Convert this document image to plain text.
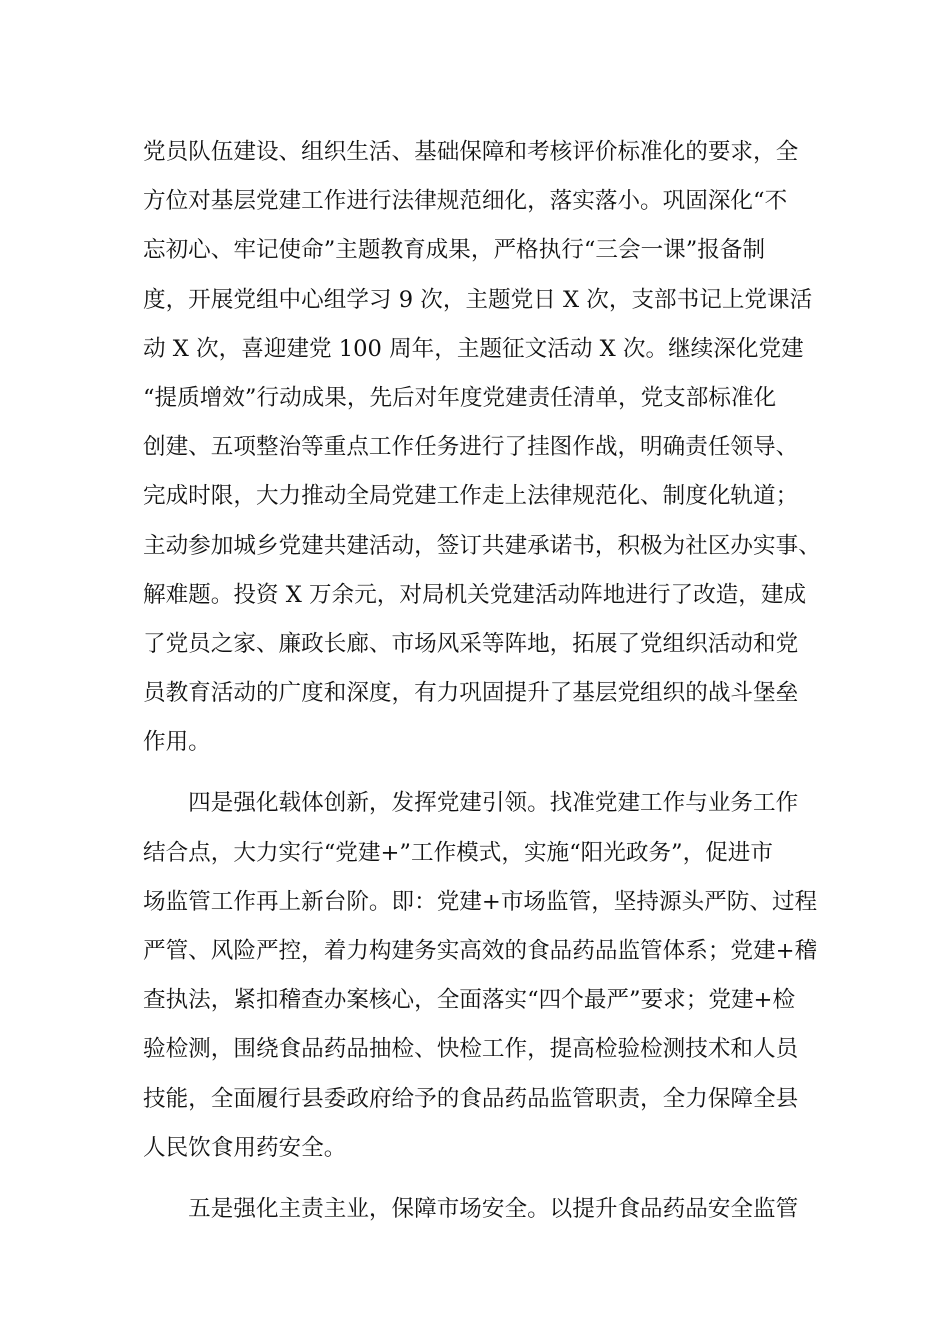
党员队伍建设、组织生活、基础保障和考核评价标准化的要求，全
方位对基层党建工作进行法律规范细化，落实落小。巩固深化“不
忘初心、牢记使命”主题教育成果，严格执行“三会一课”报备制
度，开展党组中心组学习 9 次，主题党日 X 次，支部书记上党课活
动 X 次，喜迎建党 100 周年，主题征文活动 X 次。继续深化党建
“提质增效”行动成果，先后对年度党建责任清单，党支部标准化
创建、五项整治等重点工作任务进行了挂图作战，明确责任领导、
完成时限，大力推动全局党建工作走上法律规范化、制度化轨道；
主动参加城乡党建共建活动，签订共建承诺书，积极为社区办实事、
解难题。投资 X 万余元，对局机关党建活动阵地进行了改造，建成
了党员之家、廉政长廊、市场风采等阵地，拓展了党组织活动和党
员教育活动的广度和深度，有力巩固提升了基层党组织的战斗堡垒
作用。
　　四是强化载体创新，发挥党建引领。找准党建工作与业务工作
结合点，大力实行“党建+”工作模式，实施“阳光政务”，促进市
场监管工作再上新台阶。即：党建+市场监管，坚持源头严防、过程
严管、风险严控，着力构建务实高效的食品药品监管体系；党建+稽
查执法，紧扣稽查办案核心，全面落实“四个最严”要求；党建+检
验检测，围绕食品药品抽检、快检工作，提高检验检测技术和人员
技能，全面履行县委政府给予的食品药品监管职责，全力保障全县
人民饮食用药安全。
　　五是强化主责主业，保障市场安全。以提升食品药品安全监管
